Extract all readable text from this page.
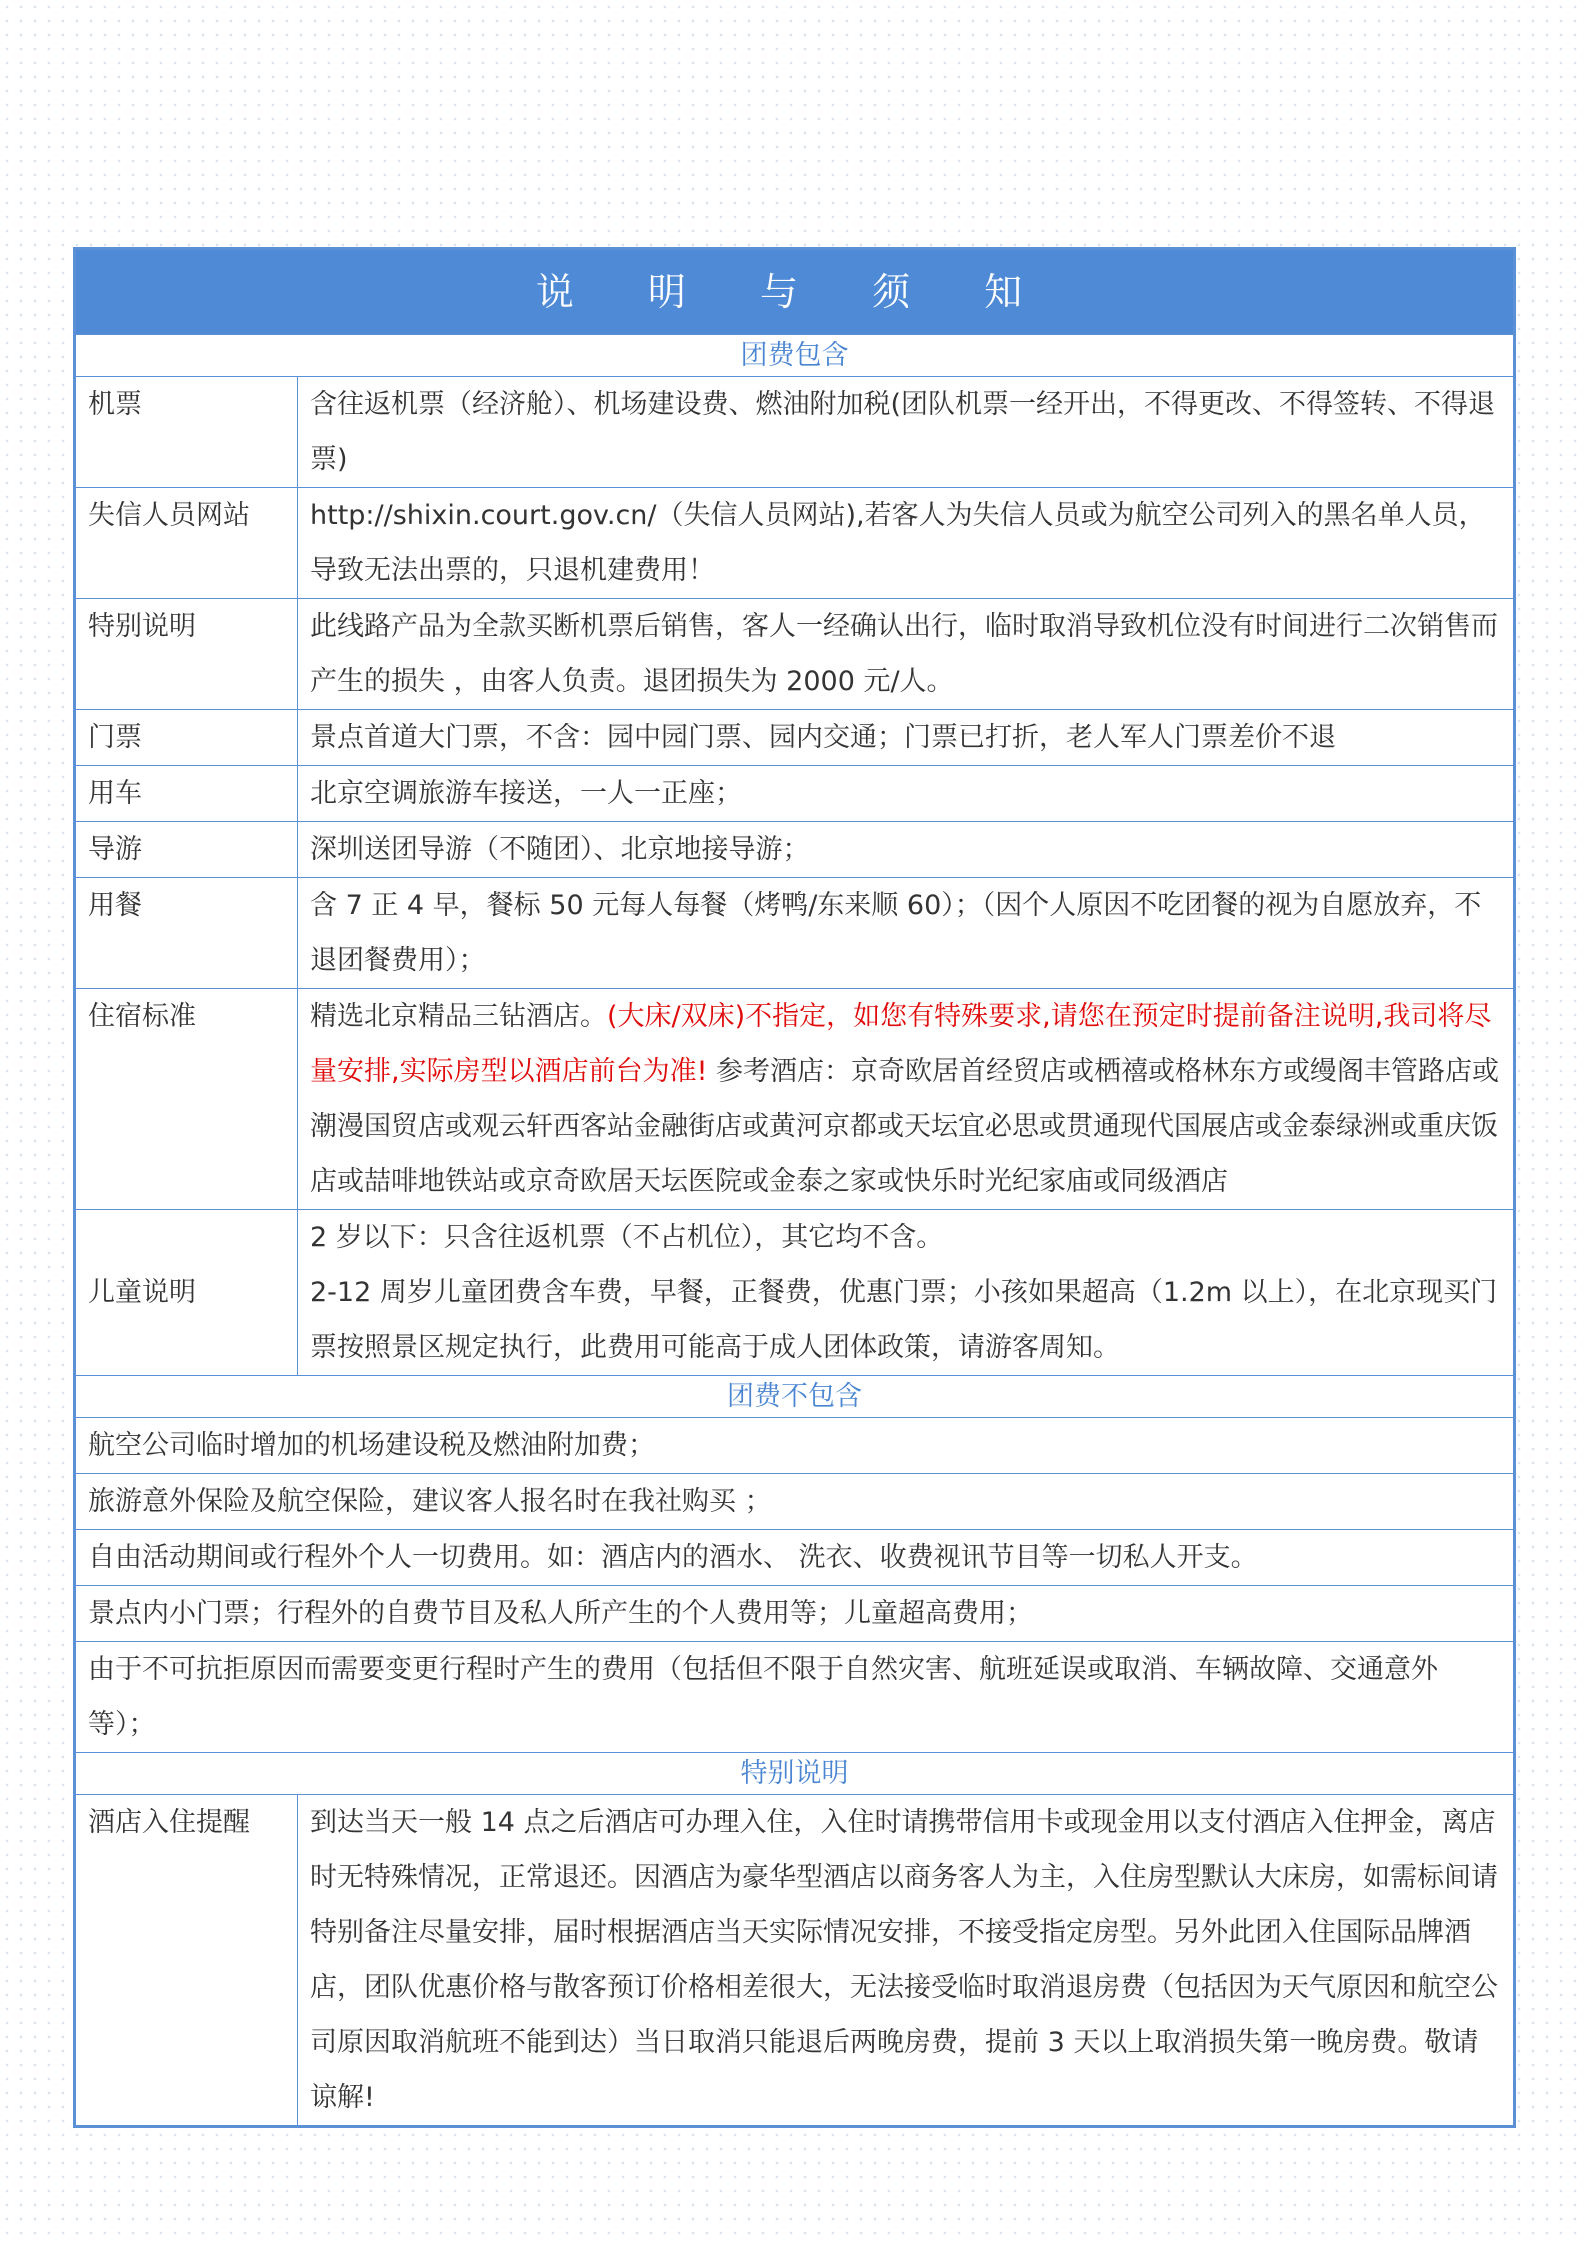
说 明 与 须 知	
团费包含	
机票	含往返机票（经济舱）、机场建设费、燃油附加税(团队机票一经开出，不得更改、不得签转、不得退票)
失信人员网站	http://shixin.court.gov.cn/（失信人员网站),若客人为失信人员或为航空公司列入的黑名单人员，导致无法出票的，只退机建费用！
特别说明	此线路产品为全款买断机票后销售，客人一经确认出行，临时取消导致机位没有时间进行二次销售而产生的损失 ，由客人负责。退团损失为 2000 元/人。
门票	景点首道大门票，不含：园中园门票、园内交通；门票已打折，老人军人门票差价不退
用车	北京空调旅游车接送，一人一正座；
导游	深圳送团导游（不随团）、北京地接导游；
用餐	含 7 正 4 早，餐标 50 元每人每餐（烤鸭/东来顺 60）；（因个人原因不吃团餐的视为自愿放弃，不退团餐费用）；
住宿标准	精选北京精品三钻酒店。(大床/双床)不指定，如您有特殊要求,请您在预定时提前备注说明,我司将尽量安排,实际房型以酒店前台为准! 参考酒店：京奇欧居首经贸店或栖禧或格林东方或缦阁丰管路店或潮漫国贸店或观云轩西客站金融街店或黄河京都或天坛宜必思或贯通现代国展店或金泰绿洲或重庆饭店或喆啡地铁站或京奇欧居天坛医院或金泰之家或快乐时光纪家庙或同级酒店
儿童说明	2 岁以下：只含往返机票（不占机位），其它均不含。
2-12 周岁儿童团费含车费，早餐，正餐费，优惠门票；小孩如果超高（1.2m 以上），在北京现买门票按照景区规定执行，此费用可能高于成人团体政策，请游客周知。

团费不包含	
航空公司临时增加的机场建设税及燃油附加费；	
旅游意外保险及航空保险，建议客人报名时在我社购买 ；	
自由活动期间或行程外个人一切费用。如：酒店内的酒水、 洗衣、收费视讯节目等一切私人开支。	
景点内小门票；行程外的自费节目及私人所产生的个人费用等；儿童超高费用；	
由于不可抗拒原因而需要变更行程时产生的费用（包括但不限于自然灾害、航班延误或取消、车辆故障、交通意外等）；	
特别说明	
酒店入住提醒	到达当天一般 14 点之后酒店可办理入住，入住时请携带信用卡或现金用以支付酒店入住押金，离店时无特殊情况，正常退还。因酒店为豪华型酒店以商务客人为主，入住房型默认大床房，如需标间请特别备注尽量安排，届时根据酒店当天实际情况安排，不接受指定房型。另外此团入住国际品牌酒店，团队优惠价格与散客预订价格相差很大，无法接受临时取消退房费（包括因为天气原因和航空公司原因取消航班不能到达）当日取消只能退后两晚房费，提前 3 天以上取消损失第一晚房费。敬请谅解!
